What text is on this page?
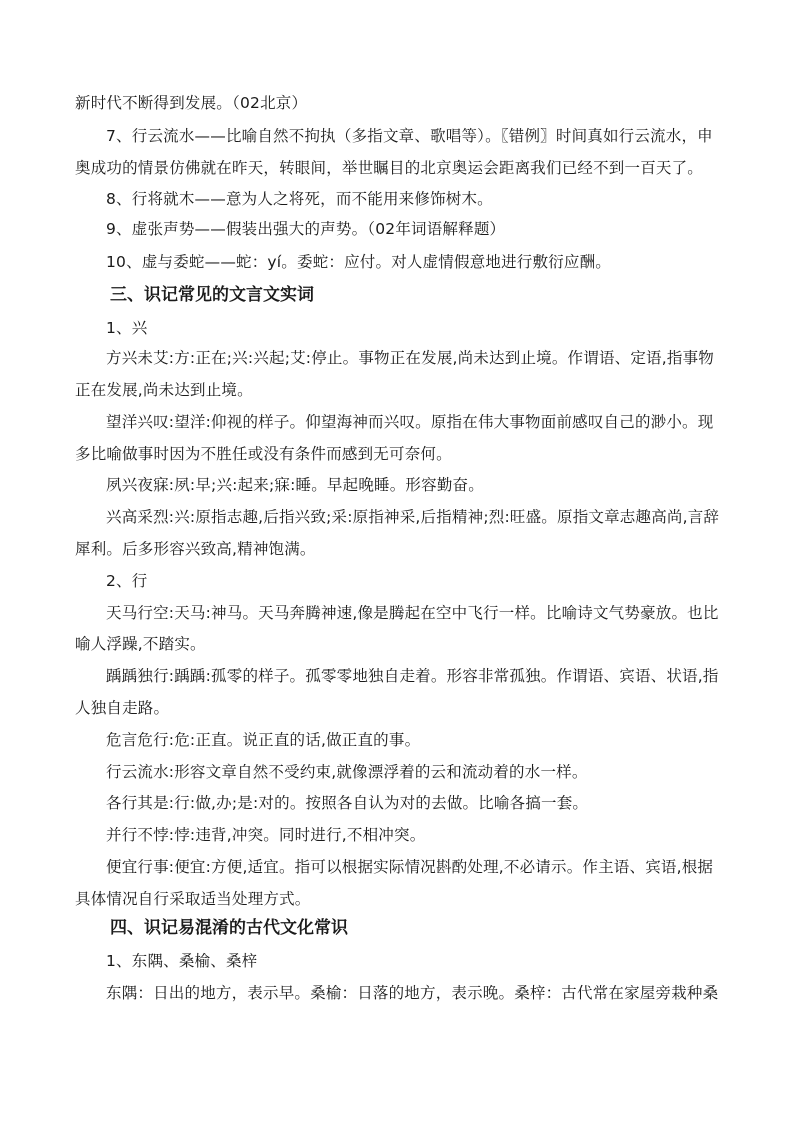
新时代不断得到发展。（02北京）
7、行云流水——比喻自然不拘执（多指文章、歌唱等）。〖错例〗时间真如行云流水，申
奥成功的情景仿佛就在昨天，转眼间，举世瞩目的北京奥运会距离我们已经不到一百天了。
8、行将就木——意为人之将死，而不能用来修饰树木。
9、虚张声势——假装出强大的声势。（02年词语解释题）
10、虚与委蛇——蛇：yí。委蛇：应付。对人虚情假意地进行敷衍应酬。
三、识记常见的文言文实词
1、兴
方兴未艾:方:正在;兴:兴起;艾:停止。事物正在发展,尚未达到止境。作谓语、定语,指事物
正在发展,尚未达到止境。
望洋兴叹:望洋:仰视的样子。仰望海神而兴叹。原指在伟大事物面前感叹自己的渺小。现
多比喻做事时因为不胜任或没有条件而感到无可奈何。
夙兴夜寐:夙:早;兴:起来;寐:睡。早起晚睡。形容勤奋。
兴高采烈:兴:原指志趣,后指兴致;采:原指神采,后指精神;烈:旺盛。原指文章志趣高尚,言辞
犀利。后多形容兴致高,精神饱满。
2、行
天马行空:天马:神马。天马奔腾神速,像是腾起在空中飞行一样。比喻诗文气势豪放。也比
喻人浮躁,不踏实。
踽踽独行:踽踽:孤零的样子。孤零零地独自走着。形容非常孤独。作谓语、宾语、状语,指
人独自走路。
危言危行:危:正直。说正直的话,做正直的事。
行云流水:形容文章自然不受约束,就像漂浮着的云和流动着的水一样。
各行其是:行:做,办;是:对的。按照各自认为对的去做。比喻各搞一套。
并行不悖:悖:违背,冲突。同时进行,不相冲突。
便宜行事:便宜:方便,适宜。指可以根据实际情况斟酌处理,不必请示。作主语、宾语,根据
具体情况自行采取适当处理方式。
四、识记易混淆的古代文化常识
1、东隅、桑榆、桑梓
东隅：日出的地方，表示早。桑榆：日落的地方，表示晚。桑梓：古代常在家屋旁栽种桑
